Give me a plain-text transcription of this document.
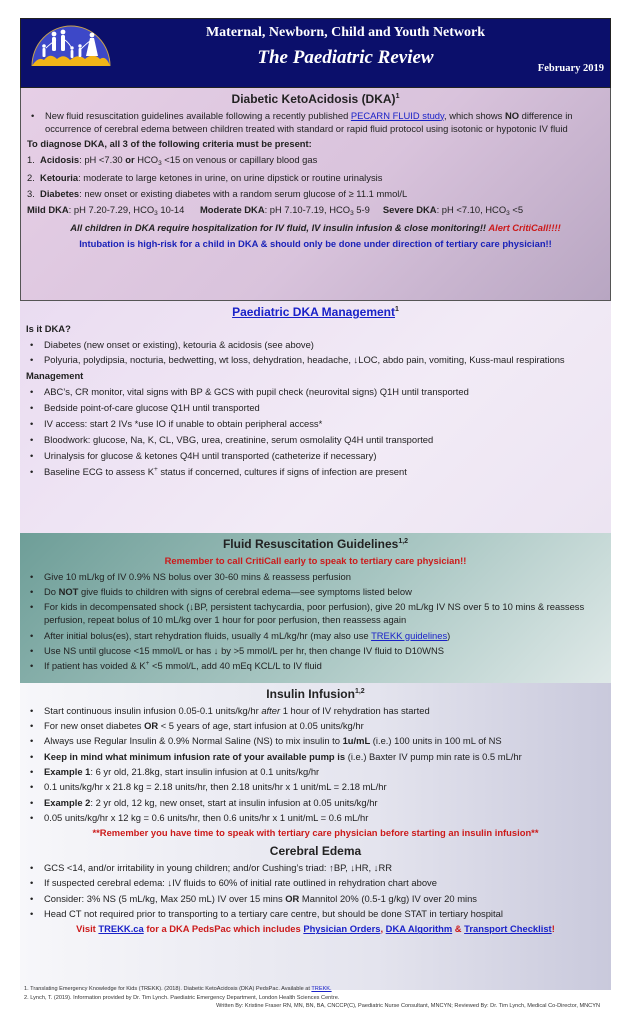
Maternal, Newborn, Child and Youth Network
The Paediatric Review
February 2019
Diabetic KetoAcidosis (DKA)$^1$
• New fluid resuscitation guidelines available following a recently published PECARN FLUID study, which shows NO difference in occurrence of cerebral edema between children treated with standard or rapid fluid protocol using isotonic or hypotonic IV fluid
To diagnose DKA, all 3 of the following criteria must be present:
1. Acidosis: pH <7.30 or $HCO_3 <15$ on venous or capillary blood gas
2. Ketouria: moderate to large ketones in urine, on urine dipstick or routine urinalysis
3. Diabetes: new onset or existing diabetes with a random serum glucose of ≥ 11.1 mmol/L
Mild DKA: pH 7.20-7.29, $HCO_3$ 10-14 Moderate DKA: pH 7.10-7.19, $HCO_3$ 5-9 Severe DKA: pH <7.10, $HCO_3 <5$
All children in DKA require hospitalization for IV fluid, IV insulin infusion & close monitoring!! Alert CritiCall!!!!
Intubation is high-risk for a child in DKA & should only be done under direction of tertiary care physician!!
Paediatric DKA Management$^1$
Is it DKA?
• Diabetes (new onset or existing), ketouria & acidosis (see above)
• Polyuria, polydipsia, nocturia, bedwetting, wt loss, dehydration, headache, ↓LOC, abdo pain, vomiting, Kuss-maul respirations
Management
• ABC’s, CR monitor, vital signs with BP & GCS with pupil check (neurovital signs) Q1H until transported
• Bedside point-of-care glucose Q1H until transported
• IV access: start 2 IVs *use IO if unable to obtain peripheral access*
• Bloodwork: glucose, Na, K, CL, VBG, urea, creatinine, serum osmolality Q4H until transported
• Urinalysis for glucose & ketones Q4H until transported (catheterize if necessary)
• Baseline ECG to assess K+ status if concerned, cultures if signs of infection are present
Fluid Resuscitation Guidelines$^{1,2}$
Remember to call CritiCall early to speak to tertiary care physician!!
• Give 10 mL/kg of IV 0.9% NS bolus over 30-60 mins & reassess perfusion
• Do NOT give fluids to children with signs of cerebral edema—see symptoms listed below
• For kids in decompensated shock (↓BP, persistent tachycardia, poor perfusion), give 20 mL/kg IV NS over 5 to 10 mins & reassess perfusion, repeat bolus of 10 mL/kg over 1 hour for poor perfusion, then reassess again
• After initial bolus(es), start rehydration fluids, usually 4 mL/kg/hr (may also use TREKK guidelines)
• Use NS until glucose <15 mmol/L or has ↓ by >5 mmol/L per hr, then change IV fluid to D10WNS
• If patient has voided & K+ <5 mmol/L, add 40 mEq KCL/L to IV fluid
Insulin Infusion$^{1,2}$
• Start continuous insulin infusion 0.05-0.1 units/kg/hr after 1 hour of IV rehydration has started
• For new onset diabetes OR < 5 years of age, start infusion at 0.05 units/kg/hr
• Always use Regular Insulin & 0.9% Normal Saline (NS) to mix insulin to 1u/mL (i.e.) 100 units in 100 mL of NS
• Keep in mind what minimum infusion rate of your available pump is (i.e.) Baxter IV pump min rate is 0.5 mL/hr
• Example 1: 6 yr old, 21.8kg, start insulin infusion at 0.1 units/kg/hr
• 0.1 units/kg/hr x 21.8 kg = 2.18 units/hr, then 2.18 units/hr x 1 unit/mL = 2.18 mL/hr
• Example 2: 2 yr old, 12 kg, new onset, start at insulin infusion at 0.05 units/kg/hr
• 0.05 units/kg/hr x 12 kg = 0.6 units/hr, then 0.6 units/hr x 1 unit/mL = 0.6 mL/hr
**Remember you have time to speak with tertiary care physician before starting an insulin infusion**
Cerebral Edema
• GCS <14, and/or irritability in young children; and/or Cushing’s triad: ↑BP, ↓HR, ↓RR
• If suspected cerebral edema: ↓IV fluids to 60% of initial rate outlined in rehydration chart above
• Consider: 3% NS (5 mL/kg, Max 250 mL) IV over 15 mins OR Mannitol 20% (0.5-1 g/kg) IV over 20 mins
• Head CT not required prior to transporting to a tertiary care centre, but should be done STAT in tertiary hospital
Visit TREKK.ca for a DKA PedsPac which includes Physician Orders, DKA Algorithm & Transport Checklist!
1. Translating Emergency Knowledge for Kids (TREKK). (2018). Diabetic KetoAcidosis (DKA) PedsPac. Available at TREKK.
2. Lynch, T. (2019). Information provided by Dr. Tim Lynch. Paediatric Emergency Department, London Health Sciences Centre.
Written By: Kristine Fraser RN, MN, BN, BA, CNCCP(C), Paediatric Nurse Consultant, MNCYN; Reviewed By: Dr. Tim Lynch, Medical Co-Director, MNCYN
